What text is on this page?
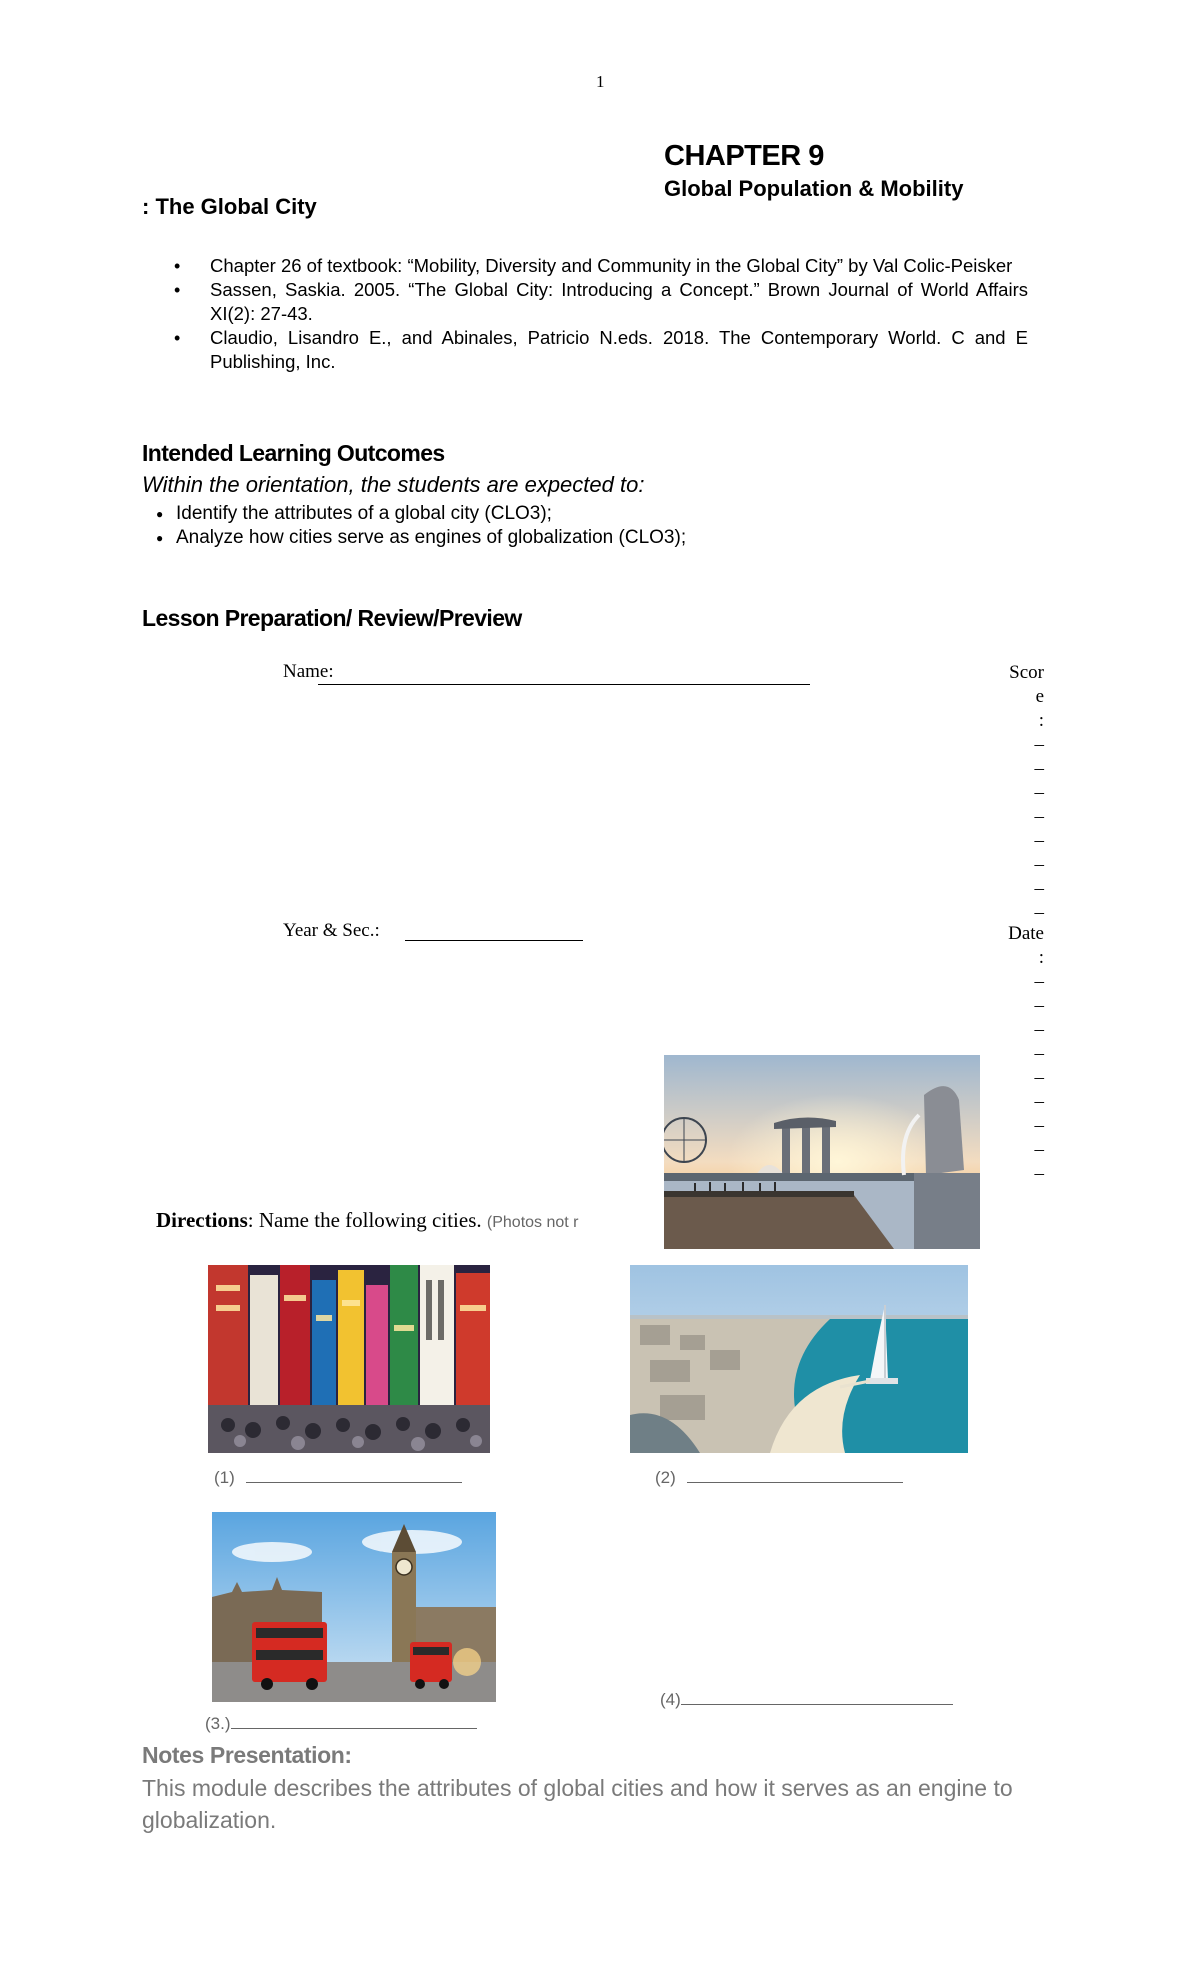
1
CHAPTER 9
Global Population & Mobility
: The Global City
• Chapter 26 of textbook: “Mobility, Diversity and Community in the Global City” by Val Colic-Peisker
• Sassen, Saskia. 2005. “The Global City: Introducing a Concept.” Brown Journal of World Affairs XI(2): 27-43.
• Claudio, Lisandro E., and Abinales, Patricio N.eds. 2018. The Contemporary World. C and E Publishing, Inc.
Intended Learning Outcomes
Within the orientation, the students are expected to:
● Identify the attributes of a global city (CLO3);
● Analyze how cities serve as engines of globalization (CLO3);
Lesson Preparation/ Review/Preview
Name:
Year & Sec.:
Scor
e
:
–
–
–
–
–
–
–
–
Date
:
–
–
–
–
–
–
–
–
–
Directions: Name the following cities. (Photos not r
(1)	(2)
(4)
(3.)
Notes Presentation:
This module describes the attributes of global cities and how it serves as an engine to globalization.
